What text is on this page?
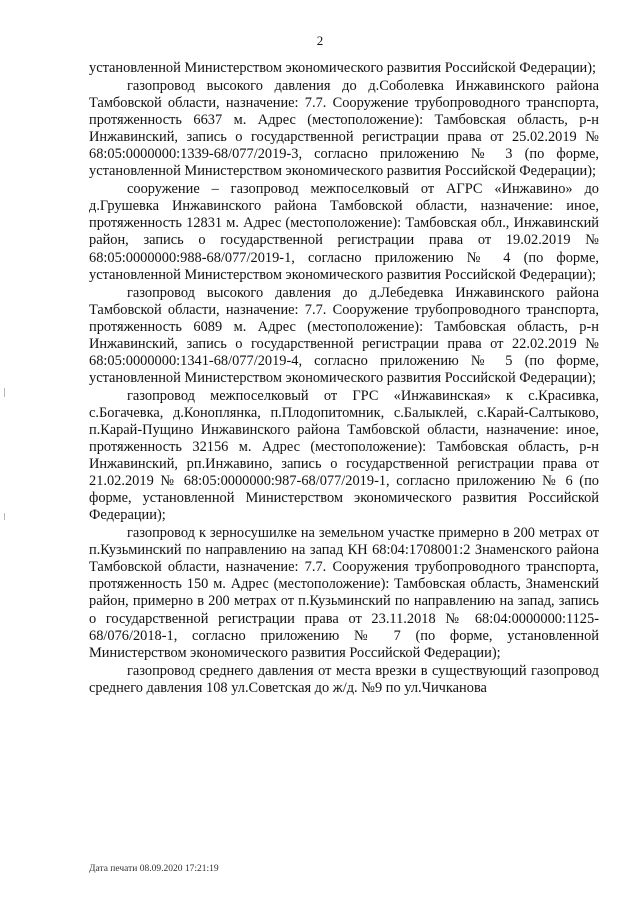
2

установленной Министерством экономического развития Российской Федерации);

газопровод высокого давления до д.Соболевка Инжавинского района Тамбовской области, назначение: 7.7. Сооружение трубопроводного транспорта, протяженность 6637 м. Адрес (местоположение): Тамбовская область, р-н Инжавинский, запись о государственной регистрации права от 25.02.2019 № 68:05:0000000:1339-68/077/2019-3, согласно приложению № 3 (по форме, установленной Министерством экономического развития Российской Федерации);

сооружение – газопровод межпоселковый от АГРС «Инжавино» до д.Грушевка Инжавинского района Тамбовской области, назначение: иное, протяженность 12831 м. Адрес (местоположение): Тамбовская обл., Инжавинский район, запись о государственной регистрации права от 19.02.2019 № 68:05:0000000:988-68/077/2019-1, согласно приложению № 4 (по форме, установленной Министерством экономического развития Российской Федерации);

газопровод высокого давления до д.Лебедевка Инжавинского района Тамбовской области, назначение: 7.7. Сооружение трубопроводного транспорта, протяженность 6089 м. Адрес (местоположение): Тамбовская область, р-н Инжавинский, запись о государственной регистрации права от 22.02.2019 № 68:05:0000000:1341-68/077/2019-4, согласно приложению № 5 (по форме, установленной Министерством экономического развития Российской Федерации);

газопровод межпоселковый от ГРС «Инжавинская» к с.Красивка, с.Богачевка, д.Коноплянка, п.Плодопитомник, с.Балыклей, с.Карай-Салтыково, п.Карай-Пущино Инжавинского района Тамбовской области, назначение: иное, протяженность 32156 м. Адрес (местоположение): Тамбовская область, р-н Инжавинский, рп.Инжавино, запись о государственной регистрации права от 21.02.2019 № 68:05:0000000:987-68/077/2019-1, согласно приложению № 6 (по форме, установленной Министерством экономического развития Российской Федерации);

газопровод к зерносушилке на земельном участке примерно в 200 метрах от п.Кузьминский по направлению на запад КН 68:04:1708001:2 Знаменского района Тамбовской области, назначение: 7.7. Сооружения трубопроводного транспорта, протяженность 150 м. Адрес (местоположение): Тамбовская область, Знаменский район, примерно в 200 метрах от п.Кузьминский по направлению на запад, запись о государственной регистрации права от 23.11.2018 № 68:04:0000000:1125-68/076/2018-1, согласно приложению № 7 (по форме, установленной Министерством экономического развития Российской Федерации);

газопровод среднего давления от места врезки в существующий газопровод среднего давления 108 ул.Советская до ж/д. №9 по ул.Чичканова

Дата печати 08.09.2020 17:21:19
